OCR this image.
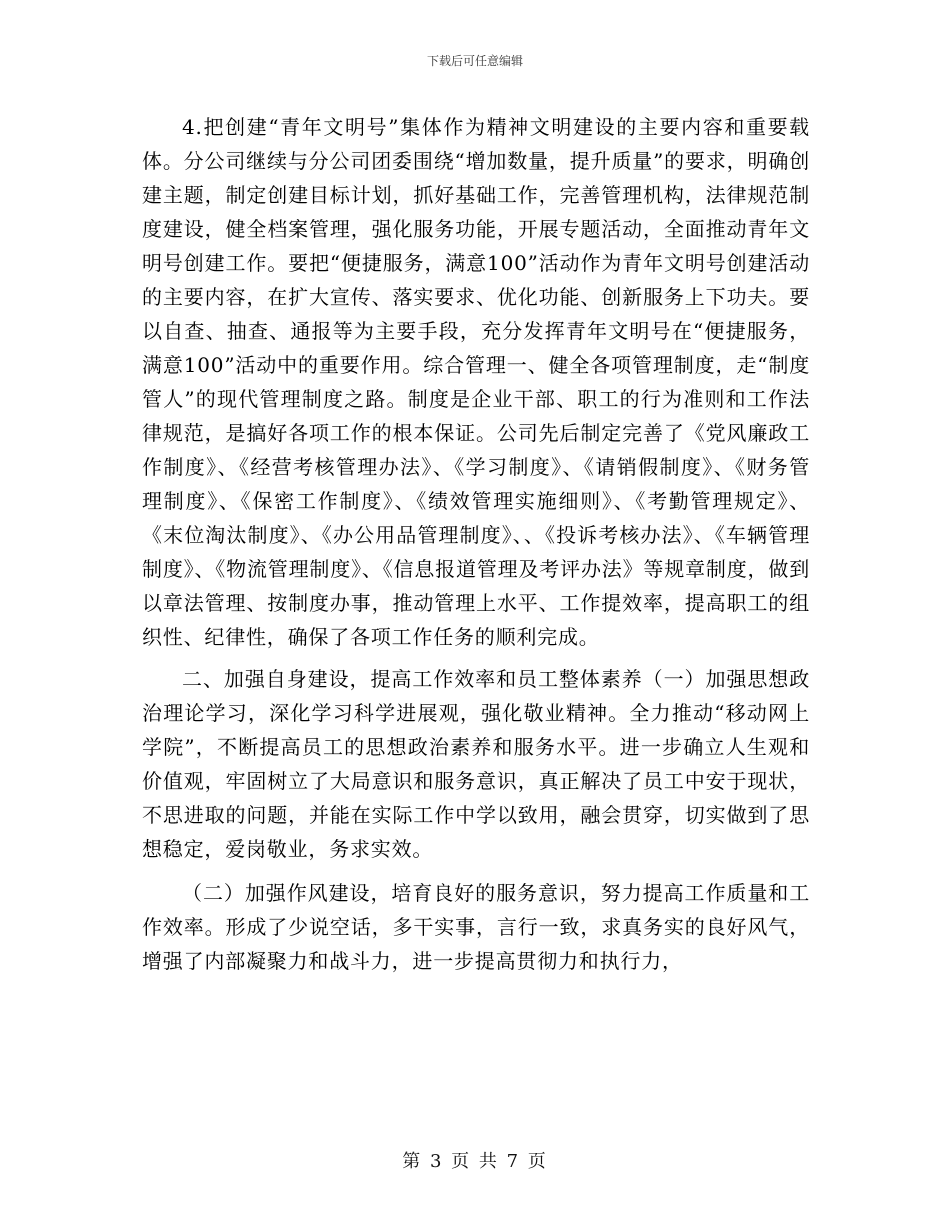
下载后可任意编辑

4.把创建“青年文明号”集体作为精神文明建设的主要内容和重要载体。分公司继续与分公司团委围绕“增加数量，提升质量”的要求，明确创建主题，制定创建目标计划，抓好基础工作，完善管理机构，法律规范制度建设，健全档案管理，强化服务功能，开展专题活动，全面推动青年文明号创建工作。要把“便捷服务，满意100”活动作为青年文明号创建活动的主要内容，在扩大宣传、落实要求、优化功能、创新服务上下功夫。要以自查、抽查、通报等为主要手段，充分发挥青年文明号在“便捷服务，满意100”活动中的重要作用。综合管理一、健全各项管理制度，走“制度管人”的现代管理制度之路。制度是企业干部、职工的行为准则和工作法律规范，是搞好各项工作的根本保证。公司先后制定完善了《党风廉政工作制度》、《经营考核管理办法》、《学习制度》、《请销假制度》、《财务管理制度》、《保密工作制度》、《绩效管理实施细则》、《考勤管理规定》、《末位淘汰制度》、《办公用品管理制度》、、《投诉考核办法》、《车辆管理制度》、《物流管理制度》、《信息报道管理及考评办法》等规章制度，做到以章法管理、按制度办事，推动管理上水平、工作提效率，提高职工的组织性、纪律性，确保了各项工作任务的顺利完成。

二、加强自身建设，提高工作效率和员工整体素养（一）加强思想政治理论学习，深化学习科学进展观，强化敬业精神。全力推动“移动网上学院”，不断提高员工的思想政治素养和服务水平。进一步确立人生观和价值观，牢固树立了大局意识和服务意识，真正解决了员工中安于现状，不思进取的问题，并能在实际工作中学以致用，融会贯穿，切实做到了思想稳定，爱岗敬业，务求实效。

（二）加强作风建设，培育良好的服务意识，努力提高工作质量和工作效率。形成了少说空话，多干实事，言行一致，求真务实的良好风气，增强了内部凝聚力和战斗力，进一步提高贯彻力和执行力，

第 3 页 共 7 页
